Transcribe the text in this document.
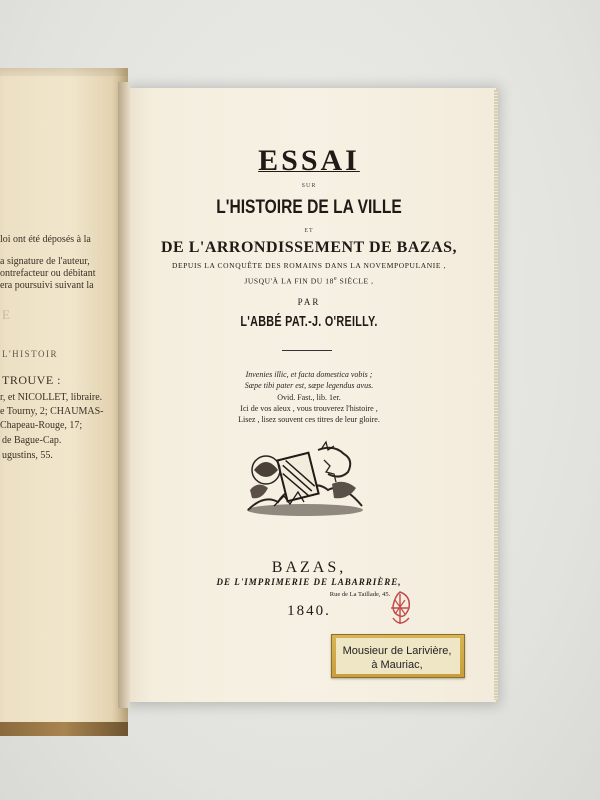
loi ont été déposés à la
a signature de l'auteur,
ontrefacteur ou débitant
era poursuivi suivant la
E
L'HISTOIR
TROUVE :
r, et NICOLLET, libraire.
e Tourny, 2; CHAUMAS-
Chapeau-Rouge, 17;
de Bague-Cap.
ugustins, 55.
ESSAI
SUR
L'HISTOIRE DE LA VILLE
ET
DE L'ARRONDISSEMENT DE BAZAS,
DEPUIS LA CONQUÊTE DES ROMAINS DANS LA NOVEMPOPULANIE ,
JUSQU'À LA FIN DU 18e SIÈCLE ,
PAR
L'ABBÉ PAT.-J. O'REILLY.
Invenies illic, et facta domestica vobis ;
Sæpe tibi pater est, sæpe legendus avus.
Ovid. Fast., lib. 1er.
Ici de vos aïeux , vous trouverez l'histoire ,
Lisez , lisez souvent ces titres de leur gloire.
BAZAS,
DE L'IMPRIMERIE DE LABARRIÈRE,
Rue de La Taillade, 45.
1840.
Mousieur de Larivière,
à Mauriac,
